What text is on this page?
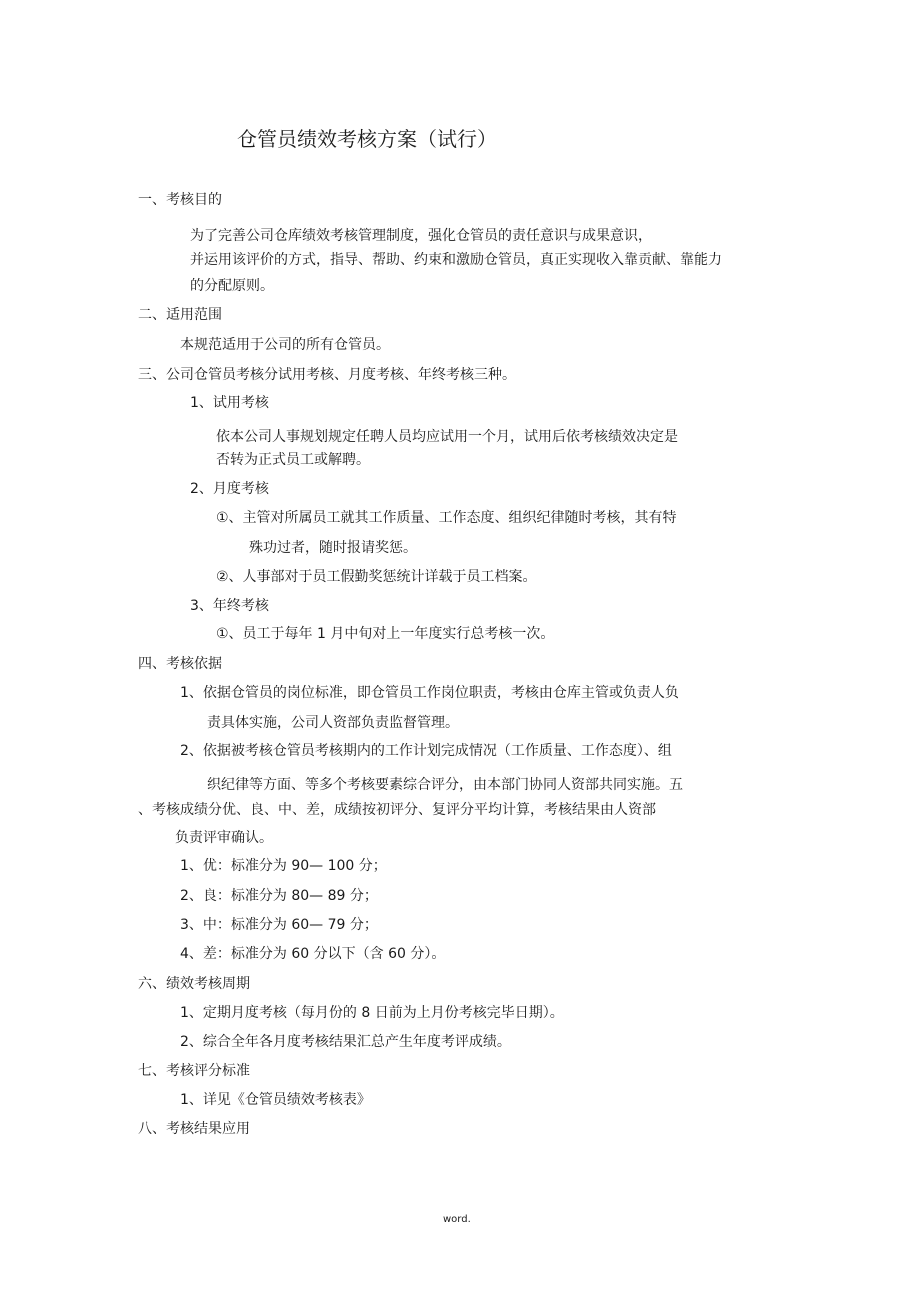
仓管员绩效考核方案（试行）
一、考核目的
为了完善公司仓库绩效考核管理制度，强化仓管员的责任意识与成果意识，
并运用该评价的方式，指导、帮助、约束和激励仓管员，真正实现收入靠贡献、靠能力
的分配原则。
二、适用范围
本规范适用于公司的所有仓管员。
三、公司仓管员考核分试用考核、月度考核、年终考核三种。
1、试用考核
依本公司人事规划规定任聘人员均应试用一个月，试用后依考核绩效决定是
否转为正式员工或解聘。
2、月度考核
①、主管对所属员工就其工作质量、工作态度、组织纪律随时考核，其有特
殊功过者，随时报请奖惩。
②、人事部对于员工假勤奖惩统计详载于员工档案。
3、年终考核
①、员工于每年 1 月中旬对上一年度实行总考核一次。
四、考核依据
1、依据仓管员的岗位标准，即仓管员工作岗位职责，考核由仓库主管或负责人负
责具体实施，公司人资部负责监督管理。
2、依据被考核仓管员考核期内的工作计划完成情况（工作质量、工作态度）、组
织纪律等方面、等多个考核要素综合评分，由本部门协同人资部共同实施。五
、考核成绩分优、良、中、差，成绩按初评分、复评分平均计算，考核结果由人资部
负责评审确认。
1、优：标准分为 90— 100 分；
2、良：标准分为 80— 89 分；
3、中：标准分为 60— 79 分；
4、差：标准分为 60 分以下（含 60 分）。
六、绩效考核周期
1、定期月度考核（每月份的 8 日前为上月份考核完毕日期）。
2、综合全年各月度考核结果汇总产生年度考评成绩。
七、考核评分标准
1、详见《仓管员绩效考核表》
八、考核结果应用
word.
